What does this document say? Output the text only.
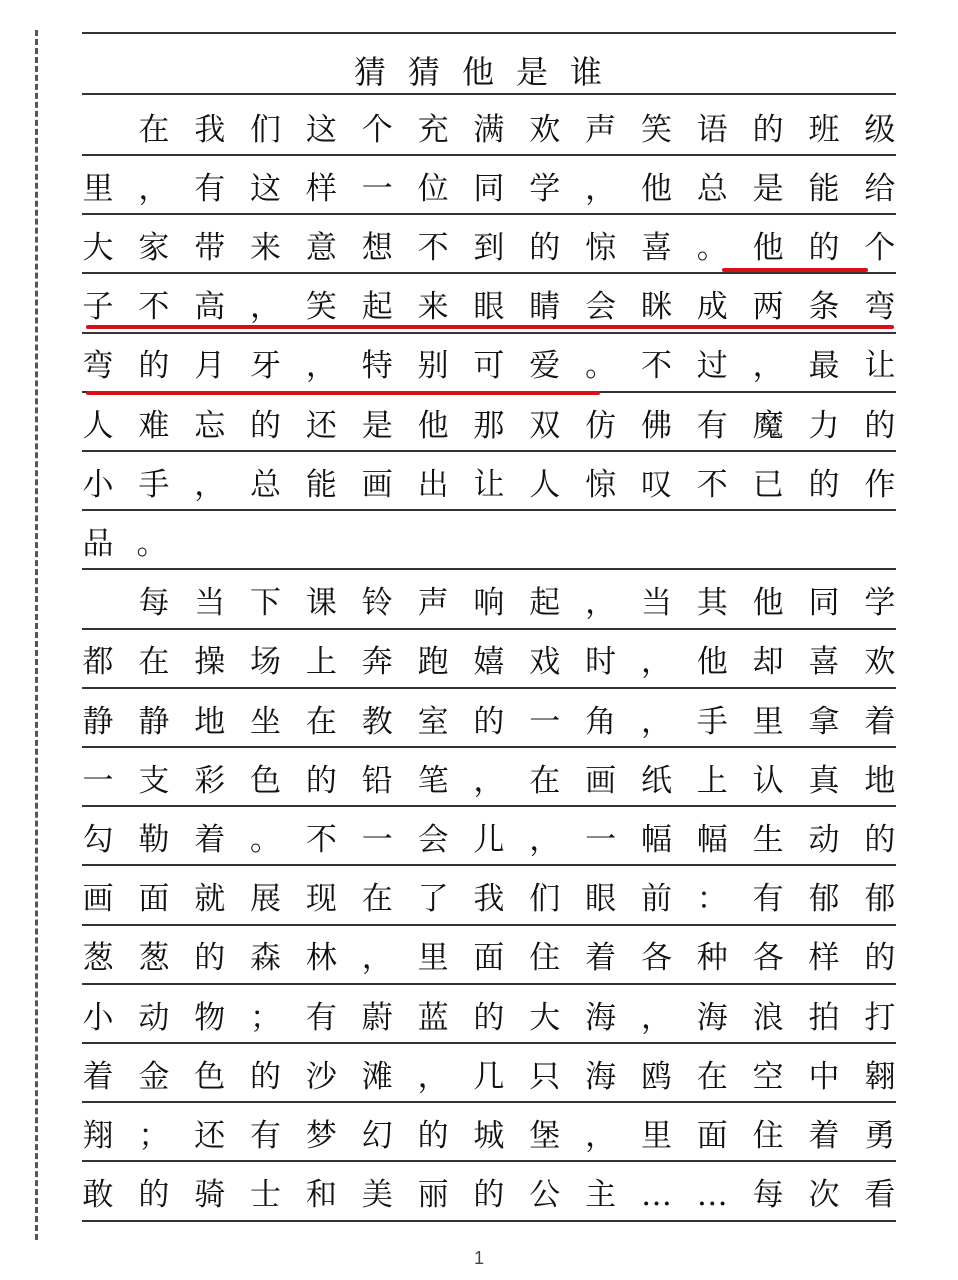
猜猜他是谁

在 我 们 这 个 充 满 欢 声 笑 语 的 班 级
里 ， 有 这 样 一 位 同 学 ， 他 总 是 能 给
大 家 带 来 意 想 不 到 的 惊 喜 。 他 的 个
子 不 高 ， 笑 起 来 眼 睛 会 眯 成 两 条 弯
弯 的 月 牙 ， 特 别 可 爱 。 不 过 ， 最 让
人 难 忘 的 还 是 他 那 双 仿 佛 有 魔 力 的
小 手 ， 总 能 画 出 让 人 惊 叹 不 已 的 作
品 。

每 当 下 课 铃 声 响 起 ， 当 其 他 同 学
都 在 操 场 上 奔 跑 嬉 戏 时 ， 他 却 喜 欢
静 静 地 坐 在 教 室 的 一 角 ， 手 里 拿 着
一 支 彩 色 的 铅 笔 ， 在 画 纸 上 认 真 地
勾 勒 着 。 不 一 会 儿 ， 一 幅 幅 生 动 的
画 面 就 展 现 在 了 我 们 眼 前 ： 有 郁 郁
葱 葱 的 森 林 ， 里 面 住 着 各 种 各 样 的
小 动 物 ； 有 蔚 蓝 的 大 海 ， 海 浪 拍 打
着 金 色 的 沙 滩 ， 几 只 海 鸥 在 空 中 翱
翔 ； 还 有 梦 幻 的 城 堡 ， 里 面 住 着 勇
敢 的 骑 士 和 美 丽 的 公 主 … … 每 次 看
1
